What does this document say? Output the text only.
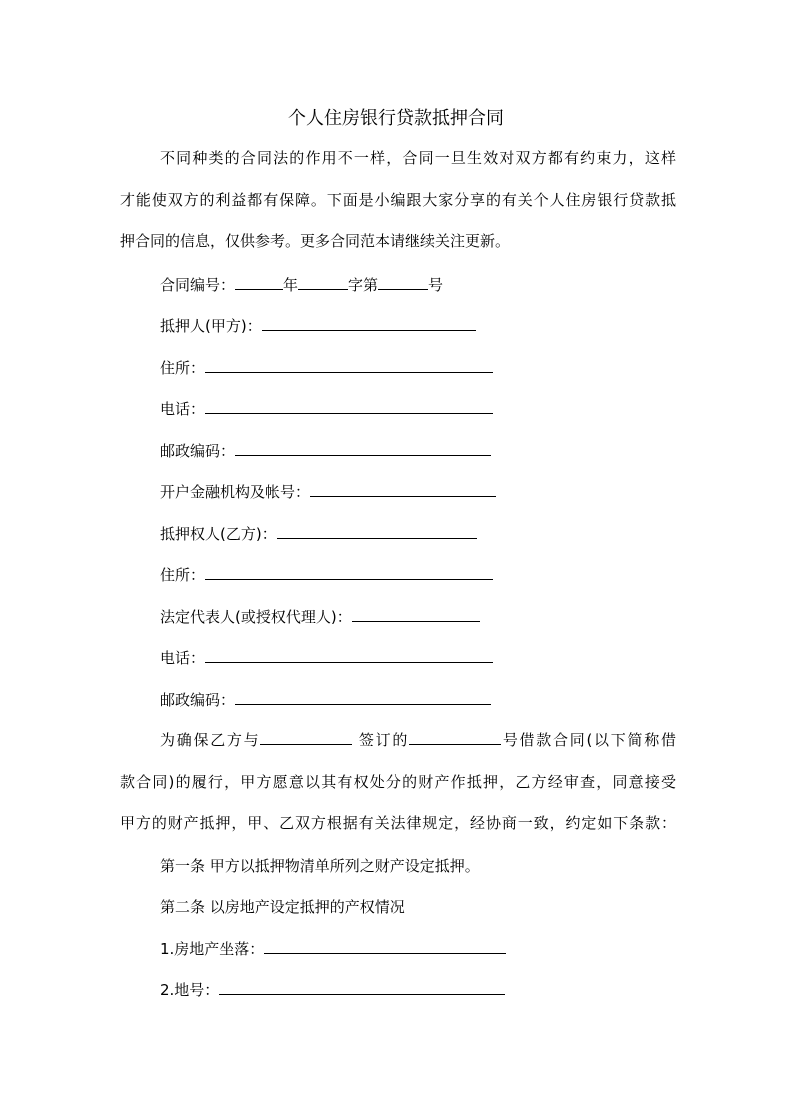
个人住房银行贷款抵押合同
不同种类的合同法的作用不一样，合同一旦生效对双方都有约束力，这样
才能使双方的利益都有保障。下面是小编跟大家分享的有关个人住房银行贷款抵
押合同的信息，仅供参考。更多合同范本请继续关注更新。
合同编号：	年	字第	号
抵押人(甲方)：
住所：
电话：
邮政编码：
开户金融机构及帐号：
抵押权人(乙方)：
住所：
法定代表人(或授权代理人)：
电话：
邮政编码：
为确保乙方与	签订的	号借款合同(以下简称借
款合同)的履行，甲方愿意以其有权处分的财产作抵押，乙方经审查，同意接受
甲方的财产抵押，甲、乙双方根据有关法律规定，经协商一致，约定如下条款：
第一条 甲方以抵押物清单所列之财产设定抵押。
第二条 以房地产设定抵押的产权情况
1.房地产坐落：
2.地号：
